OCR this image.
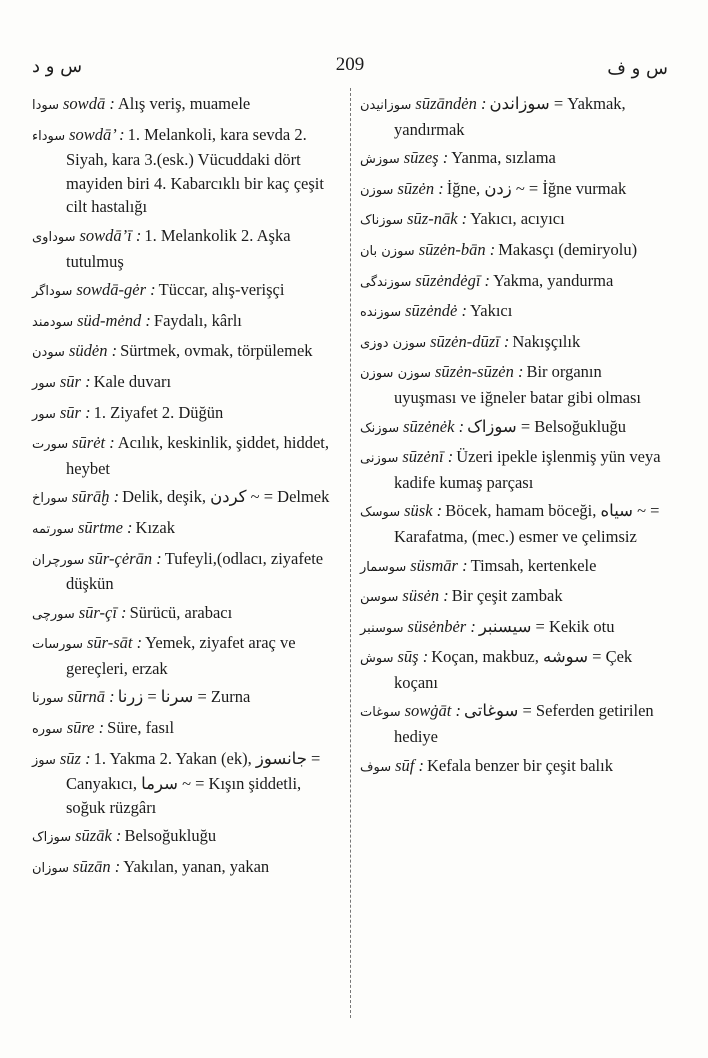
س و د	209	س و ف
سودا sowdā : Alış veriş, muamele
سوداء sowdā’ : 1. Melankoli, kara sevda 2. Siyah, kara 3.(esk.) Vücuddaki dört mayiden biri 4. Kabarcıklı bir kaç çeşit cilt hastalığı
سوداوی sowdā’ī : 1. Melankolik 2. Aşka tutulmuş
سوداگر sowdā-gėr : Tüccar, alış-verişçi
سودمند süd-mėnd : Faydalı, kârlı
سودن südėn : Sürtmek, ovmak, törpülemek
سور sūr : Kale duvarı
سور sūr : 1. Ziyafet 2. Düğün
سورت sūrėt : Acılık, keskinlik, şiddet, hiddet, heybet
سوراخ sūrāḫ : Delik, deşik, کردن ~ = Delmek
سورتمه sūrtme : Kızak
سورچران sūr-çėrān : Tufeyli,(odlacı, ziyafete düşkün
سورچی sūr-çī : Sürücü, arabacı
سورسات sūr-sāt : Yemek, ziyafet araç ve gereçleri, erzak
سورنا sūrnā : سرنا = زرنا = Zurna
سوره sūre : Süre, fasıl
سوز sūz : 1. Yakma 2. Yakan (ek), جانسوز = Canyakıcı, سرما ~ = Kışın şiddetli, soğuk rüzgârı
سوزاک sūzāk : Belsoğukluğu
سوزان sūzān : Yakılan, yanan, yakan
سوزانیدن sūzāndėn : سوزاندن = Yakmak, yandırmak
سوزش sūzeş : Yanma, sızlama
سوزن sūzėn : İğne, زدن ~ = İğne vurmak
سوزناک sūz-nāk : Yakıcı, acıyıcı
سوزن بان sūzėn-bān : Makasçı (demiryolu)
سوزندگی sūzėndėgī : Yakma, yandurma
سوزنده sūzėndė : Yakıcı
سوزن دوزی sūzėn-dūzī : Nakışçılık
سوزن سوزن sūzėn-sūzėn : Bir organın uyuşması ve iğneler batar gibi olması
سوزنک sūzėnėk : سوزاک = Belsoğukluğu
سوزنی sūzėnī : Üzeri ipekle işlenmiş yün veya kadife kumaş parçası
سوسک süsk : Böcek, hamam böceği, سیاه ~ = Karafatma, (mec.) esmer ve çelimsiz
سوسمار süsmār : Timsah, kertenkele
سوسن süsėn : Bir çeşit zambak
سوسنبر süsėnbėr : سیسنبر = Kekik otu
سوش sūş : Koçan, makbuz, سوشه = Çek koçanı
سوغات sowġāt : سوغاتی = Seferden getirilen hediye
سوف sūf : Kefala benzer bir çeşit balık
